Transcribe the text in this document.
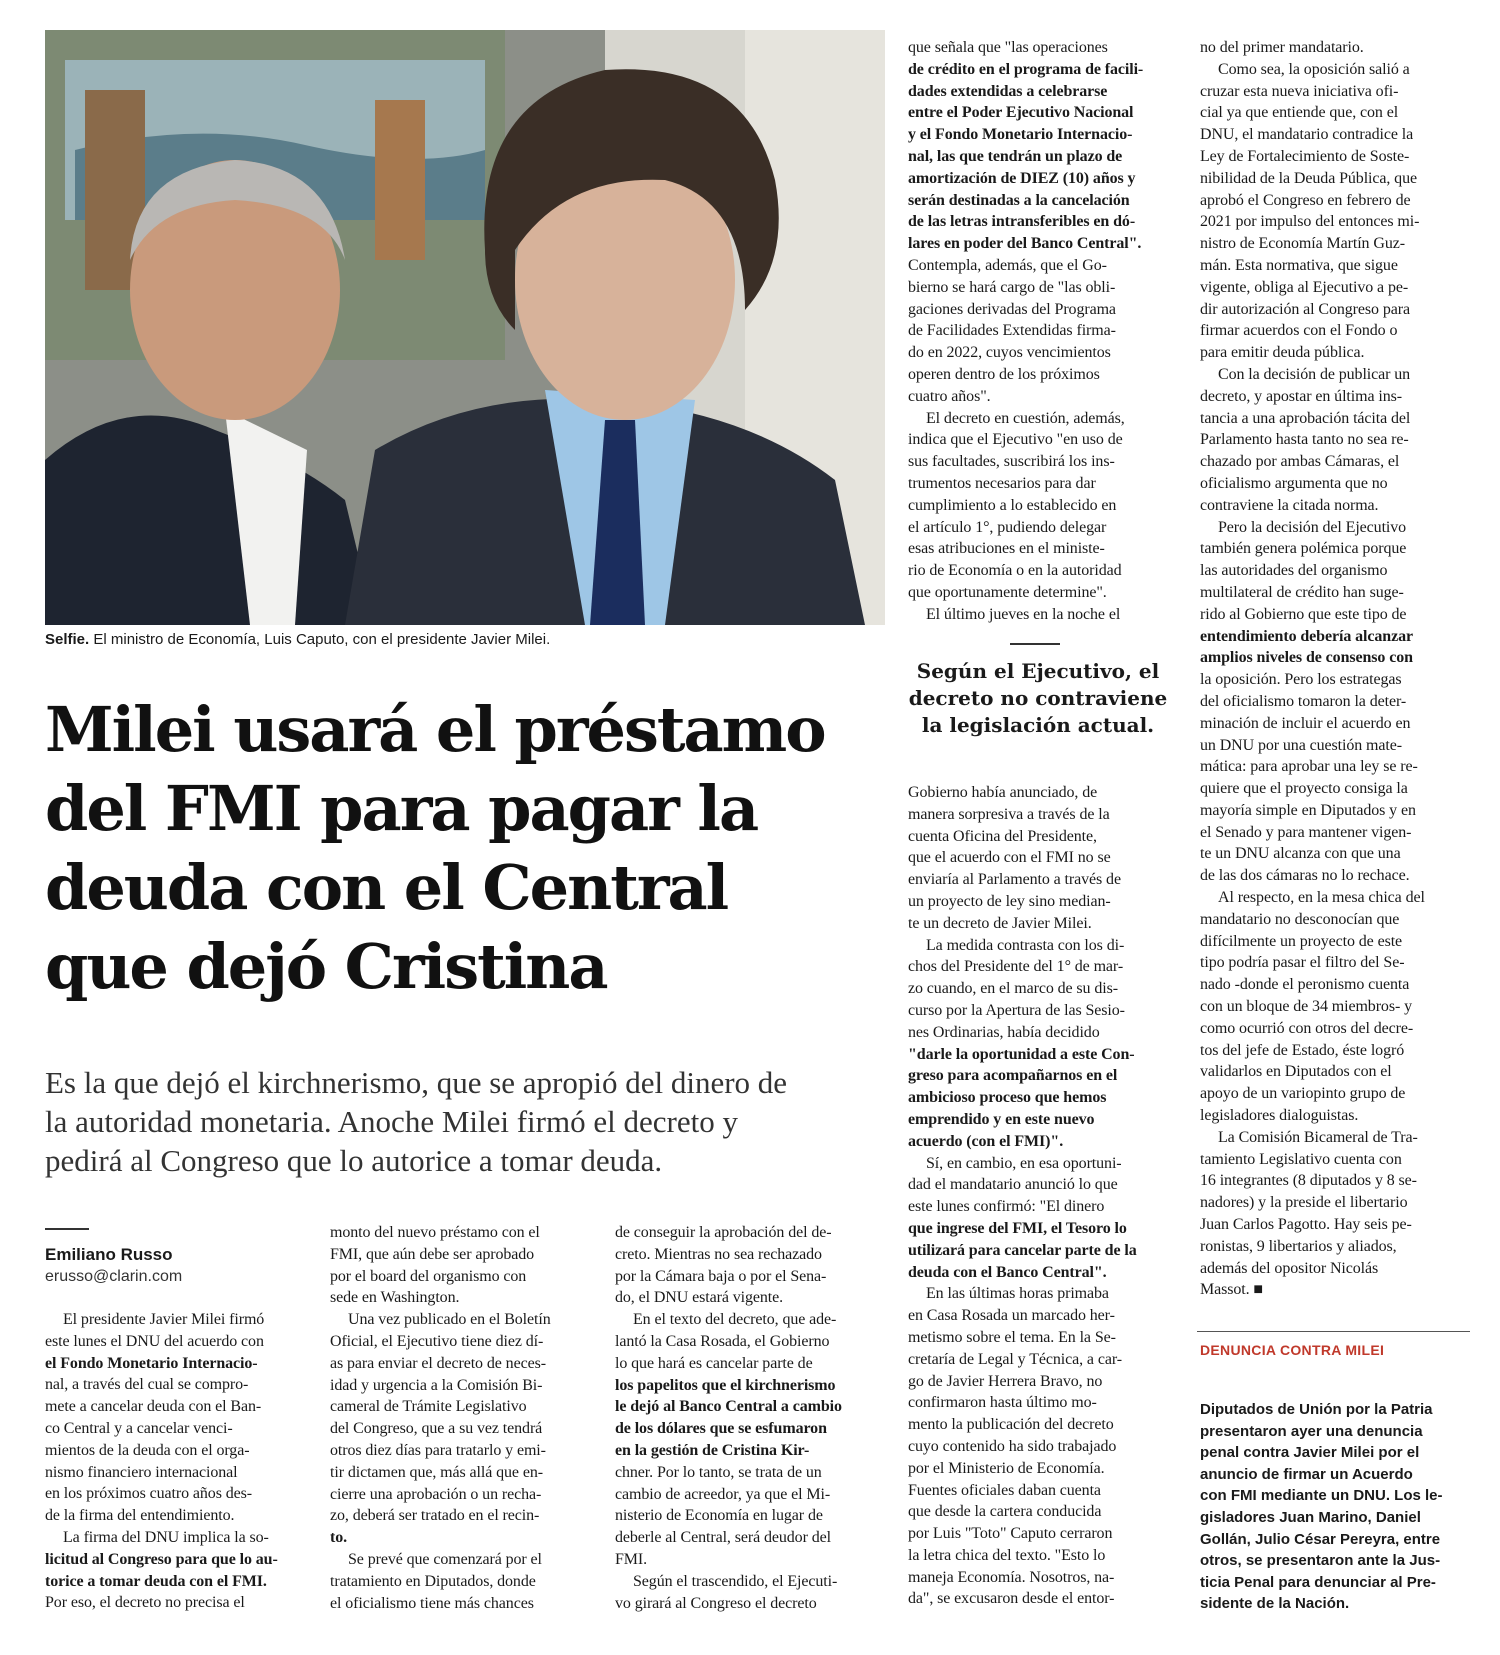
Selfie. El ministro de Economía, Luis Caputo, con el presidente Javier Milei.
Milei usará el préstamo
del FMI para pagar la
deuda con el Central
que dejó Cristina
Es la que dejó el kirchnerismo, que se apropió del dinero de
la autoridad monetaria. Anoche Milei firmó el decreto y
pedirá al Congreso que lo autorice a tomar deuda.
Emiliano Russo
erusso@clarin.com
El presidente Javier Milei firmó
este lunes el DNU del acuerdo con
el Fondo Monetario Internacio-
nal, a través del cual se compro-
mete a cancelar deuda con el Ban-
co Central y a cancelar venci-
mientos de la deuda con el orga-
nismo financiero internacional
en los próximos cuatro años des-
de la firma del entendimiento.
La firma del DNU implica la so-
licitud al Congreso para que lo au-
torice a tomar deuda con el FMI.
Por eso, el decreto no precisa el
monto del nuevo préstamo con el
FMI, que aún debe ser aprobado
por el board del organismo con
sede en Washington.
Una vez publicado en el Boletín
Oficial, el Ejecutivo tiene diez dí-
as para enviar el decreto de neces-
idad y urgencia a la Comisión Bi-
cameral de Trámite Legislativo
del Congreso, que a su vez tendrá
otros diez días para tratarlo y emi-
tir dictamen que, más allá que en-
cierre una aprobación o un recha-
zo, deberá ser tratado en el recin-
to.
Se prevé que comenzará por el
tratamiento en Diputados, donde
el oficialismo tiene más chances
de conseguir la aprobación del de-
creto. Mientras no sea rechazado
por la Cámara baja o por el Sena-
do, el DNU estará vigente.
En el texto del decreto, que ade-
lantó la Casa Rosada, el Gobierno
lo que hará es cancelar parte de
los papelitos que el kirchnerismo
le dejó al Banco Central a cambio
de los dólares que se esfumaron
en la gestión de Cristina Kir-
chner. Por lo tanto, se trata de un
cambio de acreedor, ya que el Mi-
nisterio de Economía en lugar de
deberle al Central, será deudor del
FMI.
Según el trascendido, el Ejecuti-
vo girará al Congreso el decreto
que señala que "las operaciones
de crédito en el programa de facili-
dades extendidas a celebrarse
entre el Poder Ejecutivo Nacional
y el Fondo Monetario Internacio-
nal, las que tendrán un plazo de
amortización de DIEZ (10) años y
serán destinadas a la cancelación
de las letras intransferibles en dó-
lares en poder del Banco Central".
Contempla, además, que el Go-
bierno se hará cargo de "las obli-
gaciones derivadas del Programa
de Facilidades Extendidas firma-
do en 2022, cuyos vencimientos
operen dentro de los próximos
cuatro años".
El decreto en cuestión, además,
indica que el Ejecutivo "en uso de
sus facultades, suscribirá los ins-
trumentos necesarios para dar
cumplimiento a lo establecido en
el artículo 1°, pudiendo delegar
esas atribuciones en el ministe-
rio de Economía o en la autoridad
que oportunamente determine".
El último jueves en la noche el
Según el Ejecutivo, el decreto no contraviene la legislación actual.
Gobierno había anunciado, de
manera sorpresiva a través de la
cuenta Oficina del Presidente,
que el acuerdo con el FMI no se
enviaría al Parlamento a través de
un proyecto de ley sino median-
te un decreto de Javier Milei.
La medida contrasta con los di-
chos del Presidente del 1° de mar-
zo cuando, en el marco de su dis-
curso por la Apertura de las Sesio-
nes Ordinarias, había decidido
"darle la oportunidad a este Con-
greso para acompañarnos en el
ambicioso proceso que hemos
emprendido y en este nuevo
acuerdo (con el FMI)".
Sí, en cambio, en esa oportuni-
dad el mandatario anunció lo que
este lunes confirmó: "El dinero
que ingrese del FMI, el Tesoro lo
utilizará para cancelar parte de la
deuda con el Banco Central".
En las últimas horas primaba
en Casa Rosada un marcado her-
metismo sobre el tema. En la Se-
cretaría de Legal y Técnica, a car-
go de Javier Herrera Bravo, no
confirmaron hasta último mo-
mento la publicación del decreto
cuyo contenido ha sido trabajado
por el Ministerio de Economía.
Fuentes oficiales daban cuenta
que desde la cartera conducida
por Luis "Toto" Caputo cerraron
la letra chica del texto. "Esto lo
maneja Economía. Nosotros, na-
da", se excusaron desde el entor-
no del primer mandatario.
Como sea, la oposición salió a
cruzar esta nueva iniciativa ofi-
cial ya que entiende que, con el
DNU, el mandatario contradice la
Ley de Fortalecimiento de Soste-
nibilidad de la Deuda Pública, que
aprobó el Congreso en febrero de
2021 por impulso del entonces mi-
nistro de Economía Martín Guz-
mán. Esta normativa, que sigue
vigente, obliga al Ejecutivo a pe-
dir autorización al Congreso para
firmar acuerdos con el Fondo o
para emitir deuda pública.
Con la decisión de publicar un
decreto, y apostar en última ins-
tancia a una aprobación tácita del
Parlamento hasta tanto no sea re-
chazado por ambas Cámaras, el
oficialismo argumenta que no
contraviene la citada norma.
Pero la decisión del Ejecutivo
también genera polémica porque
las autoridades del organismo
multilateral de crédito han suge-
rido al Gobierno que este tipo de
entendimiento debería alcanzar
amplios niveles de consenso con
la oposición. Pero los estrategas
del oficialismo tomaron la deter-
minación de incluir el acuerdo en
un DNU por una cuestión mate-
mática: para aprobar una ley se re-
quiere que el proyecto consiga la
mayoría simple en Diputados y en
el Senado y para mantener vigen-
te un DNU alcanza con que una
de las dos cámaras no lo rechace.
Al respecto, en la mesa chica del
mandatario no desconocían que
difícilmente un proyecto de este
tipo podría pasar el filtro del Se-
nado -donde el peronismo cuenta
con un bloque de 34 miembros- y
como ocurrió con otros del decre-
tos del jefe de Estado, éste logró
validarlos en Diputados con el
apoyo de un variopinto grupo de
legisladores dialoguistas.
La Comisión Bicameral de Tra-
tamiento Legislativo cuenta con
16 integrantes (8 diputados y 8 se-
nadores) y la preside el libertario
Juan Carlos Pagotto. Hay seis pe-
ronistas, 9 libertarios y aliados,
además del opositor Nicolás
Massot. ■
DENUNCIA CONTRA MILEI
Diputados de Unión por la Patria
presentaron ayer una denuncia
penal contra Javier Milei por el
anuncio de firmar un Acuerdo
con FMI mediante un DNU. Los le-
gisladores Juan Marino, Daniel
Gollán, Julio César Pereyra, entre
otros, se presentaron ante la Jus-
ticia Penal para denunciar al Pre-
sidente de la Nación.
